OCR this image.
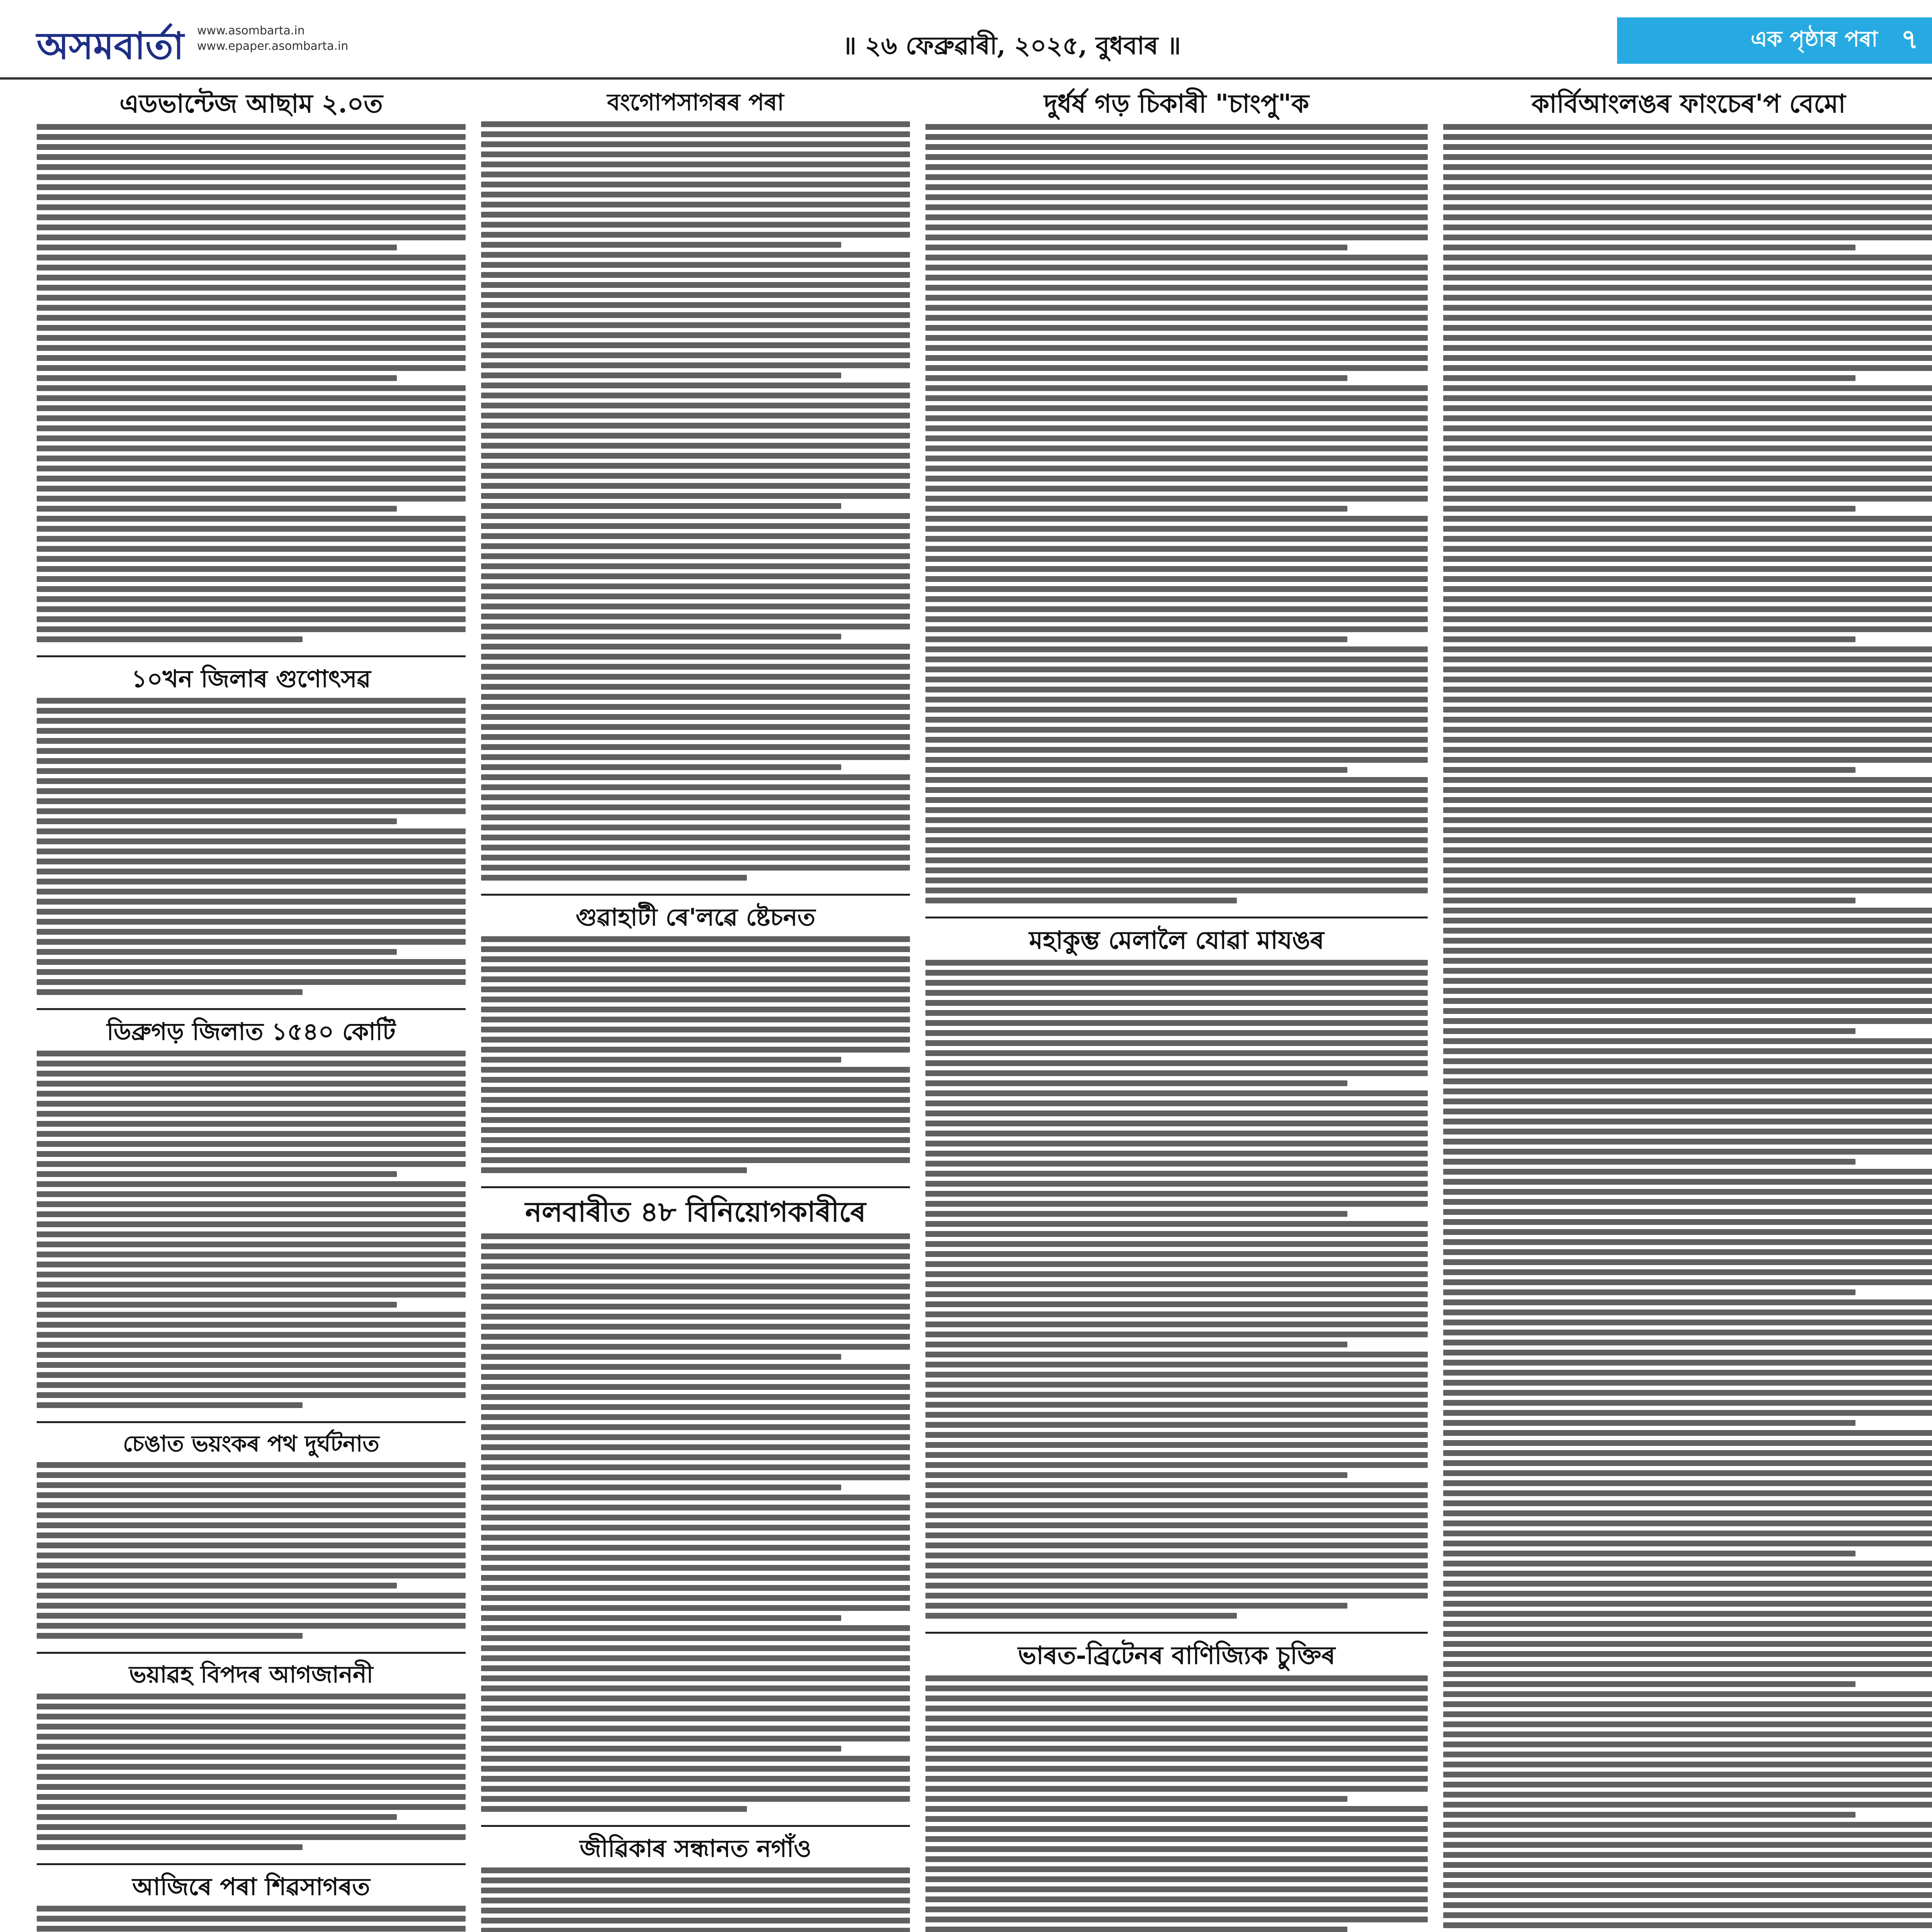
অসমবাৰ্তা www.asombarta.in
www.epaper.asombarta.in	॥ ২৬ ফেব্ৰুৱাৰী, ২০২৫, বুধবাৰ ॥	এক পৃষ্ঠাৰ পৰা ৭
এডভান্টেজ আছাম ২.০ত
১০খন জিলাৰ গুণোৎসৱ
ডিব্ৰুগড় জিলাত ১৫৪০ কোটি
চেঙাত ভয়ংকৰ পথ দুৰ্ঘটনাত
ভয়াৱহ বিপদৰ আগজাননী
আজিৰে পৰা শিৱসাগৰত
বংগোপসাগৰৰ পৰা
গুৱাহাটী ৰে'লৱে ষ্টেচনত
নলবাৰীত ৪৮ বিনিয়োগকাৰীৰে
জীৱিকাৰ সন্ধানত নগাঁও
দুৰ্ধৰ্ষ গড় চিকাৰী "চাংপু"ক
মহাকুম্ভ মেলালৈ যোৱা মাযঙৰ
ভাৰত-ব্ৰিটেনৰ বাণিজ্যিক চুক্তিৰ
কাৰ্বিআংলঙৰ ফাংচেৰ'প বেমো
